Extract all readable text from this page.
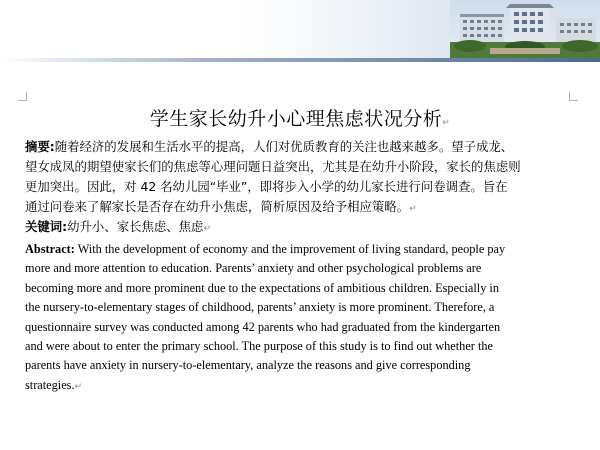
学生家长幼升小心理焦虑状况分析↵
摘要:随着经济的发展和生活水平的提高，人们对优质教育的关注也越来越多。望子成龙、
望女成凤的期望使家长们的焦虑等心理问题日益突出，尤其是在幼升小阶段，家长的焦虑则
更加突出。因此，对 42 名幼儿园“毕业”，即将步入小学的幼儿家长进行问卷调查。旨在
通过问卷来了解家长是否存在幼升小焦虑，简析原因及给予相应策略。↵
关键词:幼升小、家长焦虑、焦虑↵
Abstract: With the development of economy and the improvement of living standard, people pay
more and more attention to education. Parents’ anxiety and other psychological problems are
becoming more and more prominent due to the expectations of ambitious children. Especially in
the nursery-to-elementary stages of childhood, parents’ anxiety is more prominent. Therefore, a
questionnaire survey was conducted among 42 parents who had graduated from the kindergarten
and were about to enter the primary school. The purpose of this study is to find out whether the
parents have anxiety in nursery-to-elementary, analyze the reasons and give corresponding
strategies.↵
